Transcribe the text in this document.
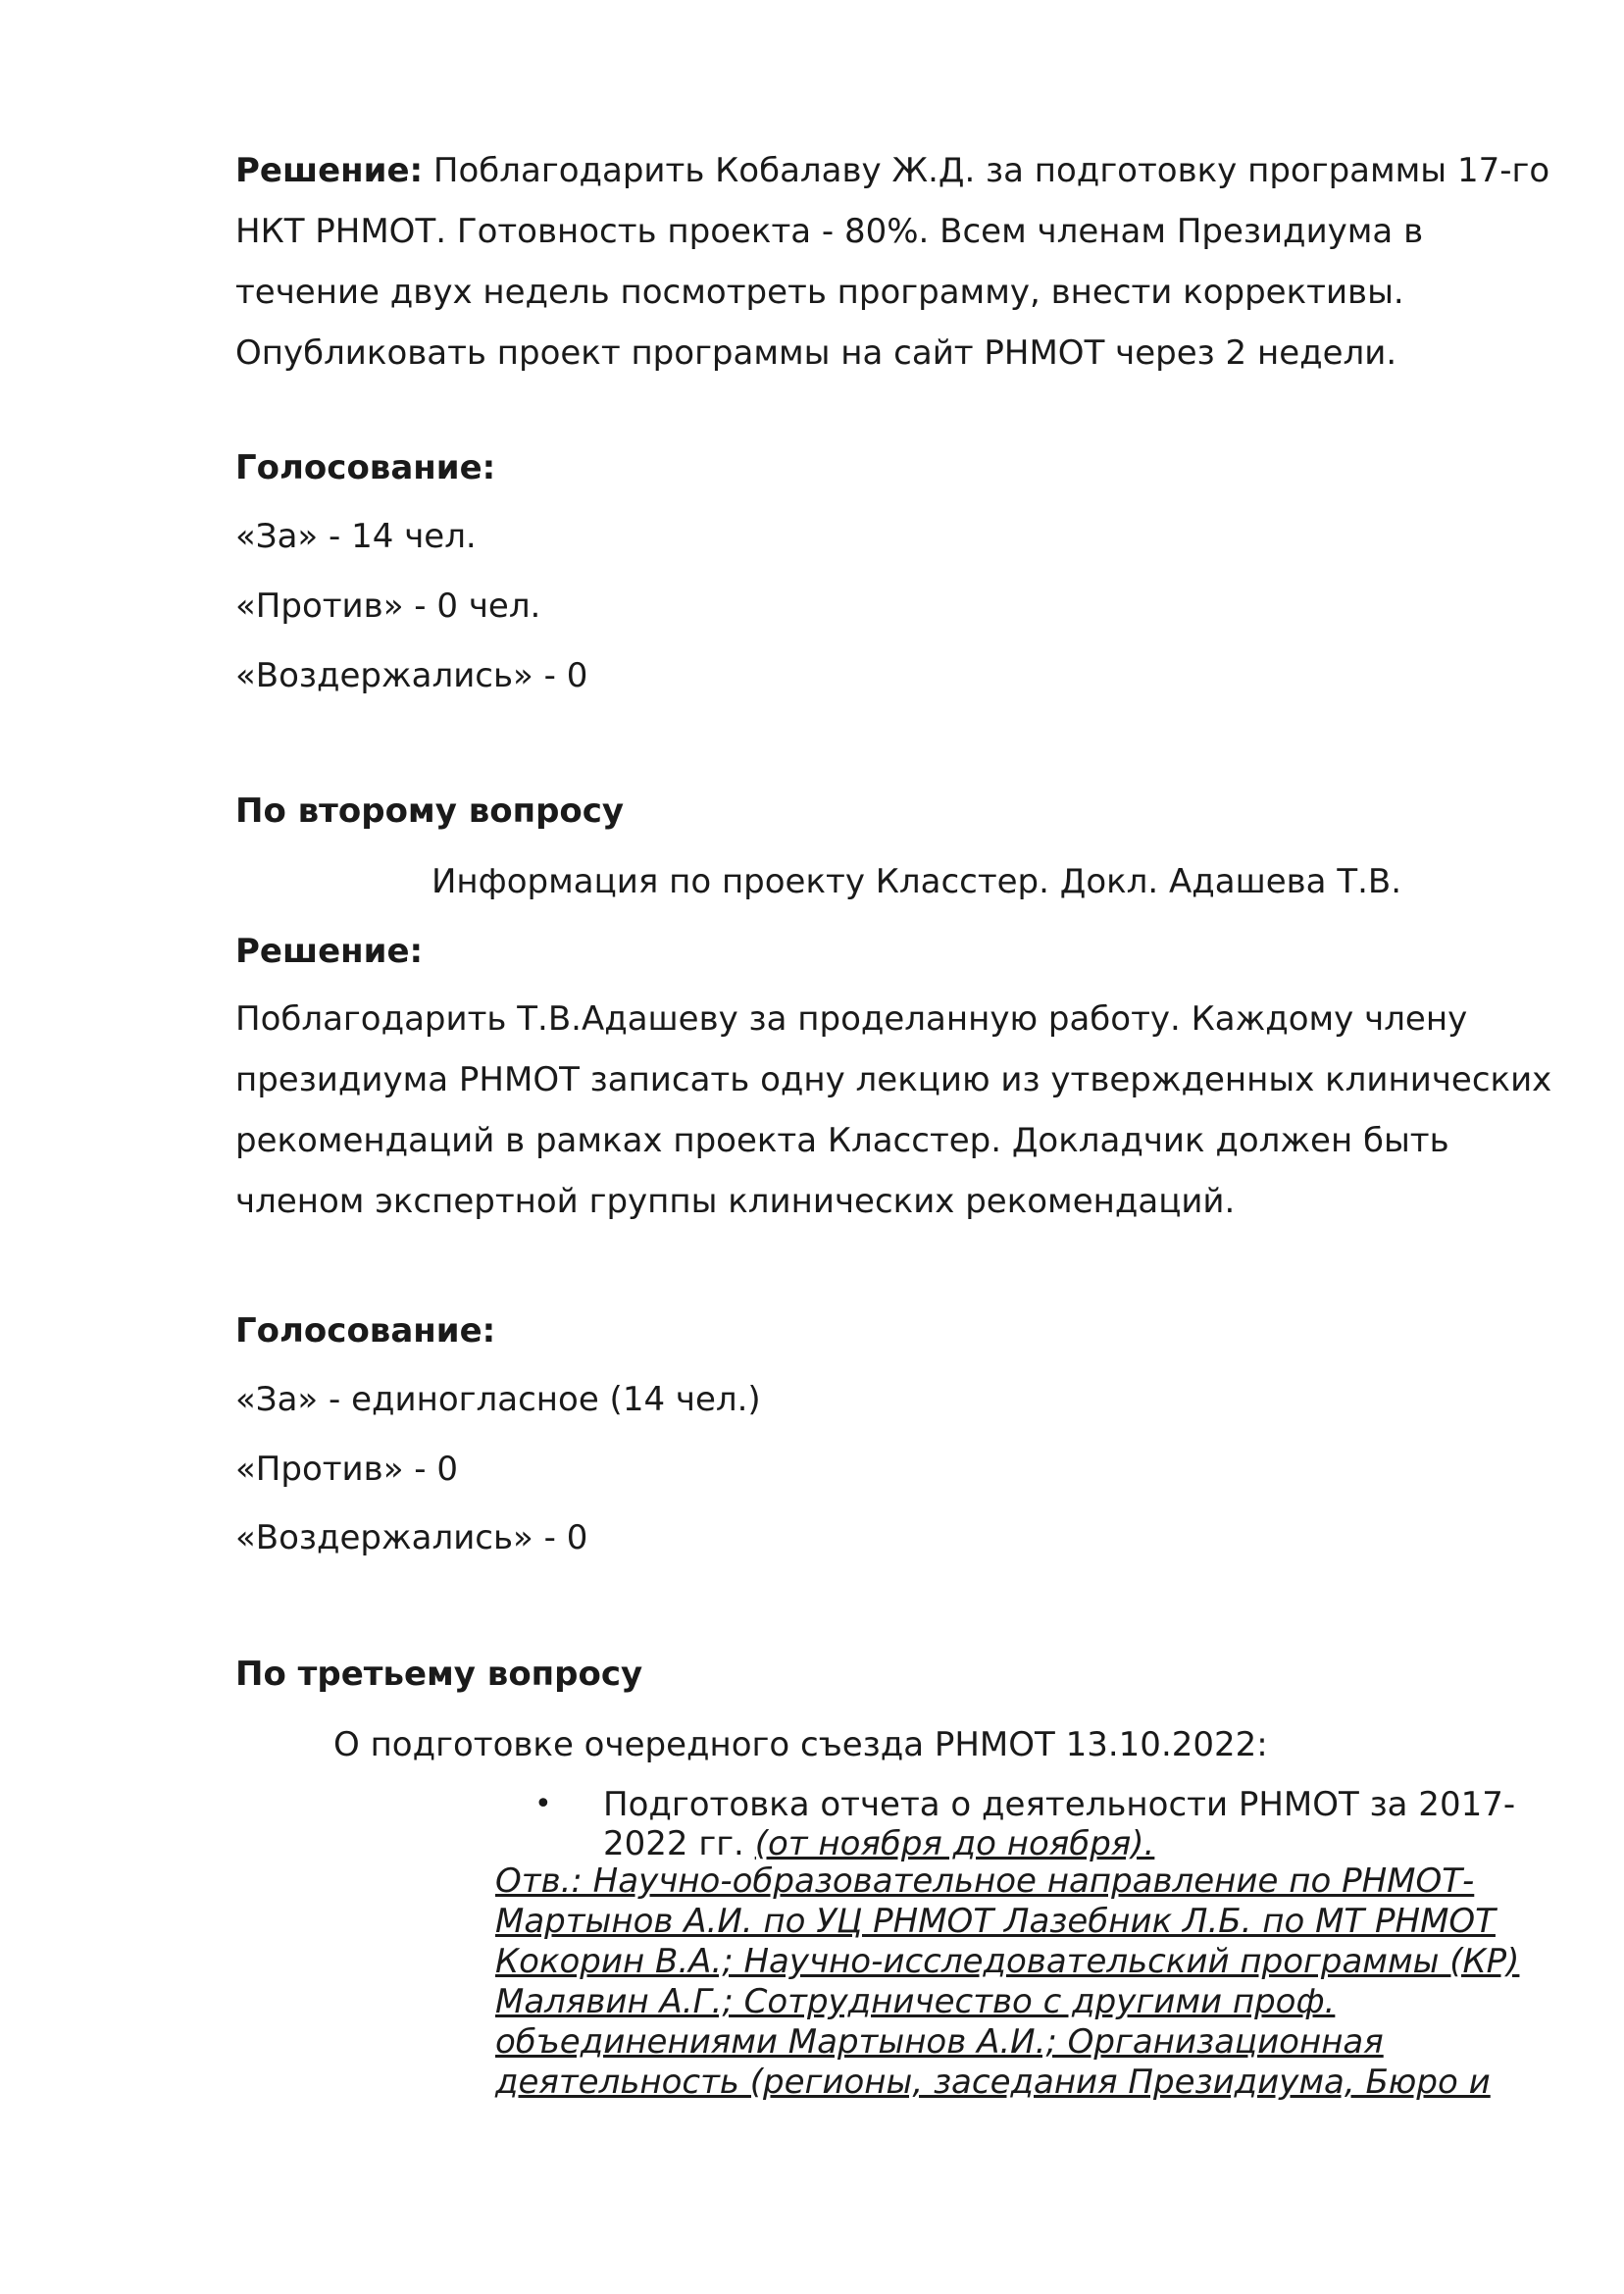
Решение: Поблагодарить Кобалаву Ж.Д. за подготовку программы 17-го
НКТ РНМОТ. Готовность проекта - 80%. Всем членам Президиума в
течение двух недель посмотреть программу, внести коррективы.
Опубликовать проект программы на сайт РНМОТ через 2 недели.
Голосование:
«За» - 14 чел.
«Против» - 0 чел.
«Воздержались» - 0
По второму вопросу
Информация по проекту Класстер. Докл. Адашева Т.В.
Решение:
Поблагодарить Т.В.Адашеву за проделанную работу. Каждому члену
президиума РНМОТ записать одну лекцию из утвержденных клинических
рекомендаций в рамках проекта Класстер. Докладчик должен быть
членом экспертной группы клинических рекомендаций.
Голосование:
«За» - единогласное (14 чел.)
«Против» - 0
«Воздержались» - 0
По третьему вопросу
О подготовке очередного съезда РНМОТ 13.10.2022:
• Подготовка отчета о деятельности РНМОТ за 2017-
2022 гг. (от ноября до ноября).
Отв.: Научно-образовательное направление по РНМОТ-
Мартынов А.И. по УЦ РНМОТ Лазебник Л.Б. по МТ РНМОТ
Кокорин В.А.; Научно-исследовательский программы (КР)
Малявин А.Г.; Сотрудничество с другими проф.
объединениями Мартынов А.И.; Организационная
деятельность (регионы, заседания Президиума, Бюро и
